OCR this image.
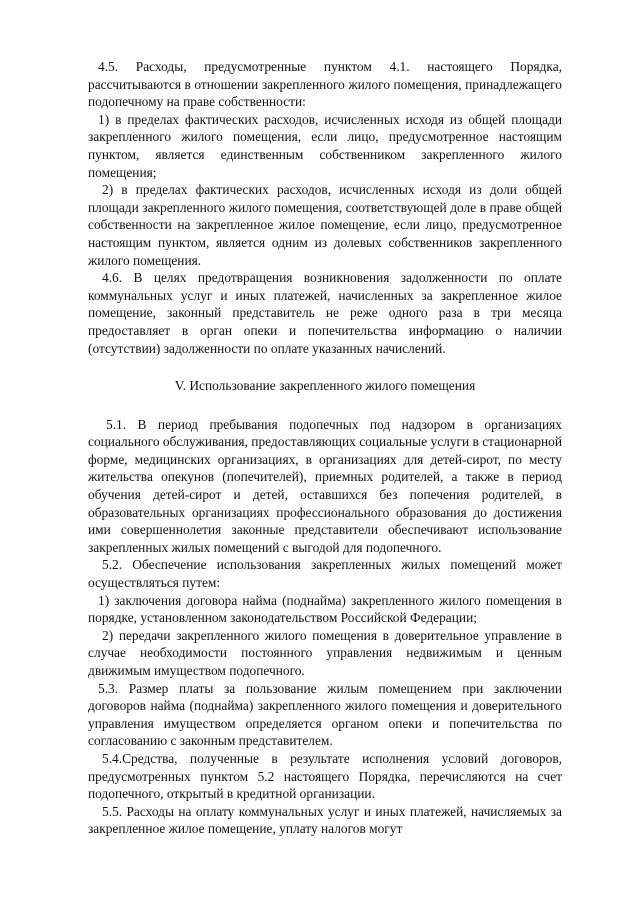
4.5. Расходы, предусмотренные пунктом 4.1. настоящего Порядка, рассчитываются в отношении закрепленного жилого помещения, принадлежащего подопечному на праве собственности:

1) в пределах фактических расходов, исчисленных исходя из общей площади закрепленного жилого помещения, если лицо, предусмотренное настоящим пунктом, является единственным собственником закрепленного жилого помещения;

2) в пределах фактических расходов, исчисленных исходя из доли общей площади закрепленного жилого помещения, соответствующей доле в праве общей собственности на закрепленное жилое помещение, если лицо, предусмотренное настоящим пунктом, является одним из долевых собственников закрепленного жилого помещения.

4.6. В целях предотвращения возникновения задолженности по оплате коммунальных услуг и иных платежей, начисленных за закрепленное жилое помещение, законный представитель не реже одного раза в три месяца предоставляет в орган опеки и попечительства информацию о наличии (отсутствии) задолженности по оплате указанных начислений.

V. Использование закрепленного жилого помещения

5.1. В период пребывания подопечных под надзором в организациях социального обслуживания, предоставляющих социальные услуги в стационарной форме, медицинских организациях, в организациях для детей-сирот, по месту жительства опекунов (попечителей), приемных родителей, а также в период обучения детей-сирот и детей, оставшихся без попечения родителей, в образовательных организациях профессионального образования до достижения ими совершеннолетия законные представители обеспечивают использование закрепленных жилых помещений с выгодой для подопечного.

5.2. Обеспечение использования закрепленных жилых помещений может осуществляться путем:

1) заключения договора найма (поднайма) закрепленного жилого помещения в порядке, установленном законодательством Российской Федерации;

2) передачи закрепленного жилого помещения в доверительное управление в случае необходимости постоянного управления недвижимым и ценным движимым имуществом подопечного.

5.3. Размер платы за пользование жилым помещением при заключении договоров найма (поднайма) закрепленного жилого помещения и доверительного управления имуществом определяется органом опеки и попечительства по согласованию с законным представителем.

5.4.Средства, полученные в результате исполнения условий договоров, предусмотренных пунктом 5.2 настоящего Порядка, перечисляются на счет подопечного, открытый в кредитной организации.

5.5. Расходы на оплату коммунальных услуг и иных платежей, начисляемых за закрепленное жилое помещение, уплату налогов могут
